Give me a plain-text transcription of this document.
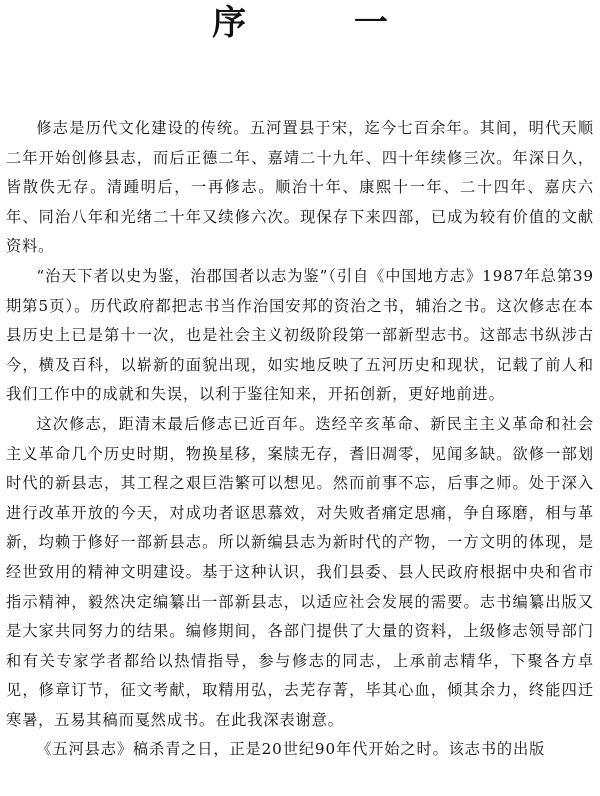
序 一

修志是历代文化建设的传统。五河置县于宋，迄今七百余年。其间，明代天顺二年开始创修县志，而后正德二年、嘉靖二十九年、四十年续修三次。年深日久，皆散佚无存。清踵明后，一再修志。顺治十年、康熙十一年、二十四年、嘉庆六年、同治八年和光绪二十年又续修六次。现保存下来四部，已成为较有价值的文献资料。

“治天下者以史为鉴，治郡国者以志为鉴”（引自《中国地方志》1987年总第39期第5页）。历代政府都把志书当作治国安邦的资治之书，辅治之书。这次修志在本县历史上已是第十一次，也是社会主义初级阶段第一部新型志书。这部志书纵涉古今，横及百科，以崭新的面貌出现，如实地反映了五河历史和现状，记载了前人和我们工作中的成就和失误，以利于鉴往知来，开拓创新，更好地前进。

这次修志，距清末最后修志已近百年。迭经辛亥革命、新民主主义革命和社会主义革命几个历史时期，物换星移，案牍无存，耆旧凋零，见闻多缺。欲修一部划时代的新县志，其工程之艰巨浩繁可以想见。然而前事不忘，后事之师。处于深入进行改革开放的今天，对成功者讴思慕效，对失败者痛定思痛，争自琢磨，相与革新，均赖于修好一部新县志。所以新编县志为新时代的产物，一方文明的体现，是经世致用的精神文明建设。基于这种认识，我们县委、县人民政府根据中央和省市指示精神，毅然决定编纂出一部新县志，以适应社会发展的需要。志书编纂出版又是大家共同努力的结果。编修期间，各部门提供了大量的资料，上级修志领导部门和有关专家学者都给以热情指导，参与修志的同志，上承前志精华，下聚各方卓见，修章订节，征文考献，取精用弘，去芜存菁，毕其心血，倾其余力，终能四迁寒暑，五易其稿而戛然成书。在此我深表谢意。

《五河县志》稿杀青之日，正是20世纪90年代开始之时。该志书的出版
